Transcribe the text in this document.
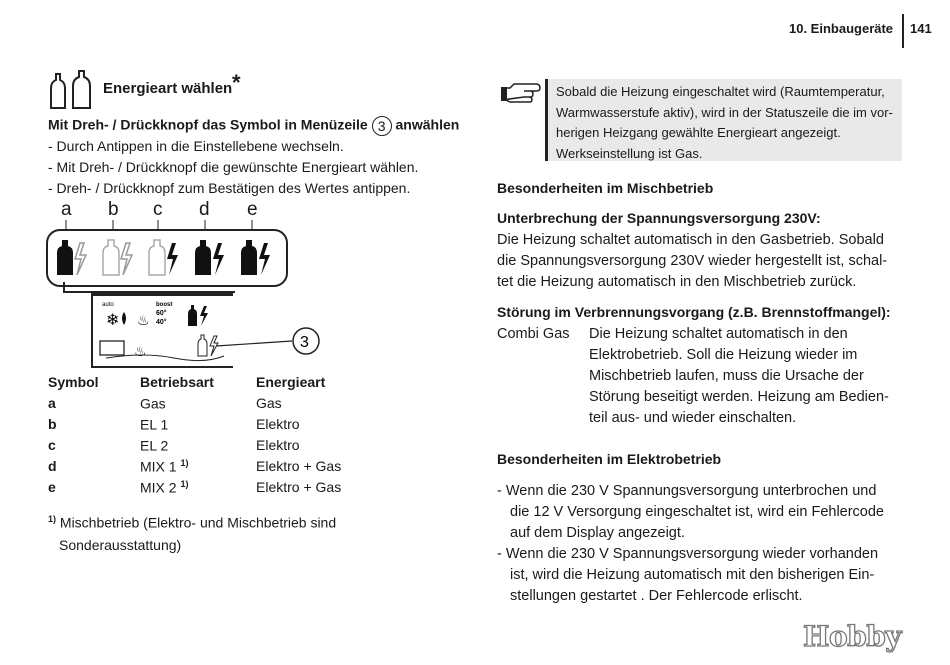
10. Einbaugeräte 141
Energieart wählen *
Mit Dreh- / Drückknopf das Symbol in Menüzeile 3 anwählen
- Durch Antippen in die Einstellebene wechseln.
- Mit Dreh- / Drückknopf die gewünschte Energieart wählen.
- Dreh- / Drückknopf zum Bestätigen des Wertes antippen.
a b c d e
auto
❄ ♨
boost
60°
40°
♨	3
Symbol	Betriebsart	Energieart
a	Gas	Gas
b	EL 1	Elektro
c	EL 2	Elektro
d	MIX 1 $^{1)}$	Elektro + Gas
e	MIX 2 $^{1)}$	Elektro + Gas
$^{1)}$ Mischbetrieb (Elektro- und Mischbetrieb sind
Sonderausstattung)

Sobald die Heizung eingeschaltet wird (Raumtemperatur,

Warmwasserstufe aktiv), wird in der Statuszeile die im vor-

herigen Heizgang gewählte Energieart angezeigt.

Werkseinstellung ist Gas.

Besonderheiten im Mischbetrieb
Unterbrechung der Spannungsversorgung 230V:
Die Heizung schaltet automatisch in den Gasbetrieb. Sobald
die Spannungsversorgung 230V wieder hergestellt ist, schal-
tet die Heizung automatisch in den Mischbetrieb zurück.
Störung im Verbrennungsvorgang (z.B. Brennstoffmangel):
Combi Gas Die Heizung schaltet automatisch in den
Elektrobetrieb. Soll die Heizung wieder im
Mischbetrieb laufen, muss die Ursache der
Störung beseitigt werden. Heizung am Bedien-
teil aus- und wieder einschalten.
Besonderheiten im Elektrobetrieb
- Wenn die 230 V Spannungsversorgung unterbrochen und
die 12 V Versorgung eingeschaltet ist, wird ein Fehlercode
auf dem Display angezeigt.
- Wenn die 230 V Spannungsversorgung wieder vorhanden
ist, wird die Heizung automatisch mit den bisherigen Ein-
stellungen gestartet . Der Fehlercode erlischt.
Hobby
